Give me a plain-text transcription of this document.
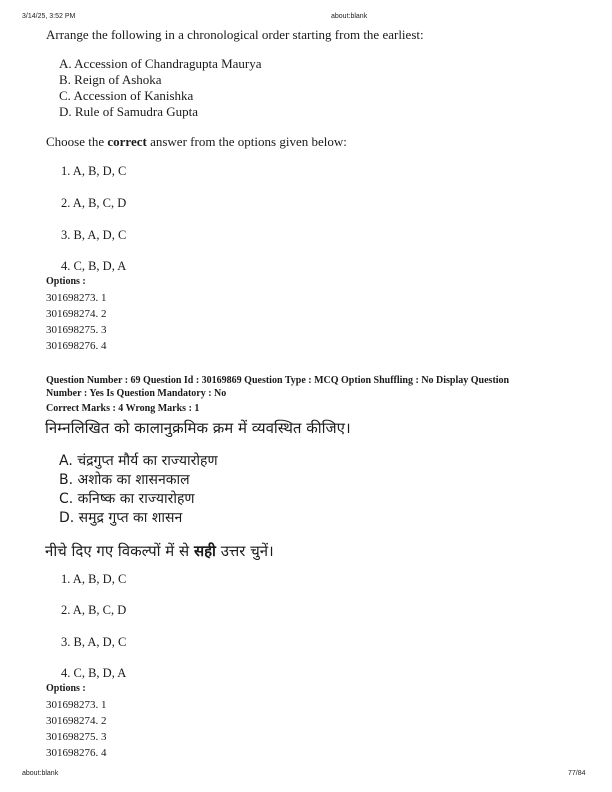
3/14/25, 3:52 PM	about:blank
Arrange the following in a chronological order starting from the earliest:
A. Accession of Chandragupta Maurya
B. Reign of Ashoka
C. Accession of Kanishka
D. Rule of Samudra Gupta
Choose the correct answer from the options given below:
1. A, B, D, C
2. A, B, C, D
3. B, A, D, C
4. C, B, D, A
Options :
301698273. 1
301698274. 2
301698275. 3
301698276. 4
Question Number : 69 Question Id : 30169869 Question Type : MCQ Option Shuffling : No Display Question
Number : Yes Is Question Mandatory : No
Correct Marks : 4 Wrong Marks : 1
निम्नलिखित को कालानुक्रमिक क्रम में व्यवस्थित कीजिए।
A. चंद्रगुप्त मौर्य का राज्यारोहण
B. अशोक का शासनकाल
C. कनिष्क का राज्यारोहण
D. समुद्र गुप्त का शासन
नीचे दिए गए विकल्पों में से सही उत्तर चुनें।
1. A, B, D, C
2. A, B, C, D
3. B, A, D, C
4. C, B, D, A
Options :
301698273. 1
301698274. 2
301698275. 3
301698276. 4
about:blank	77/84
